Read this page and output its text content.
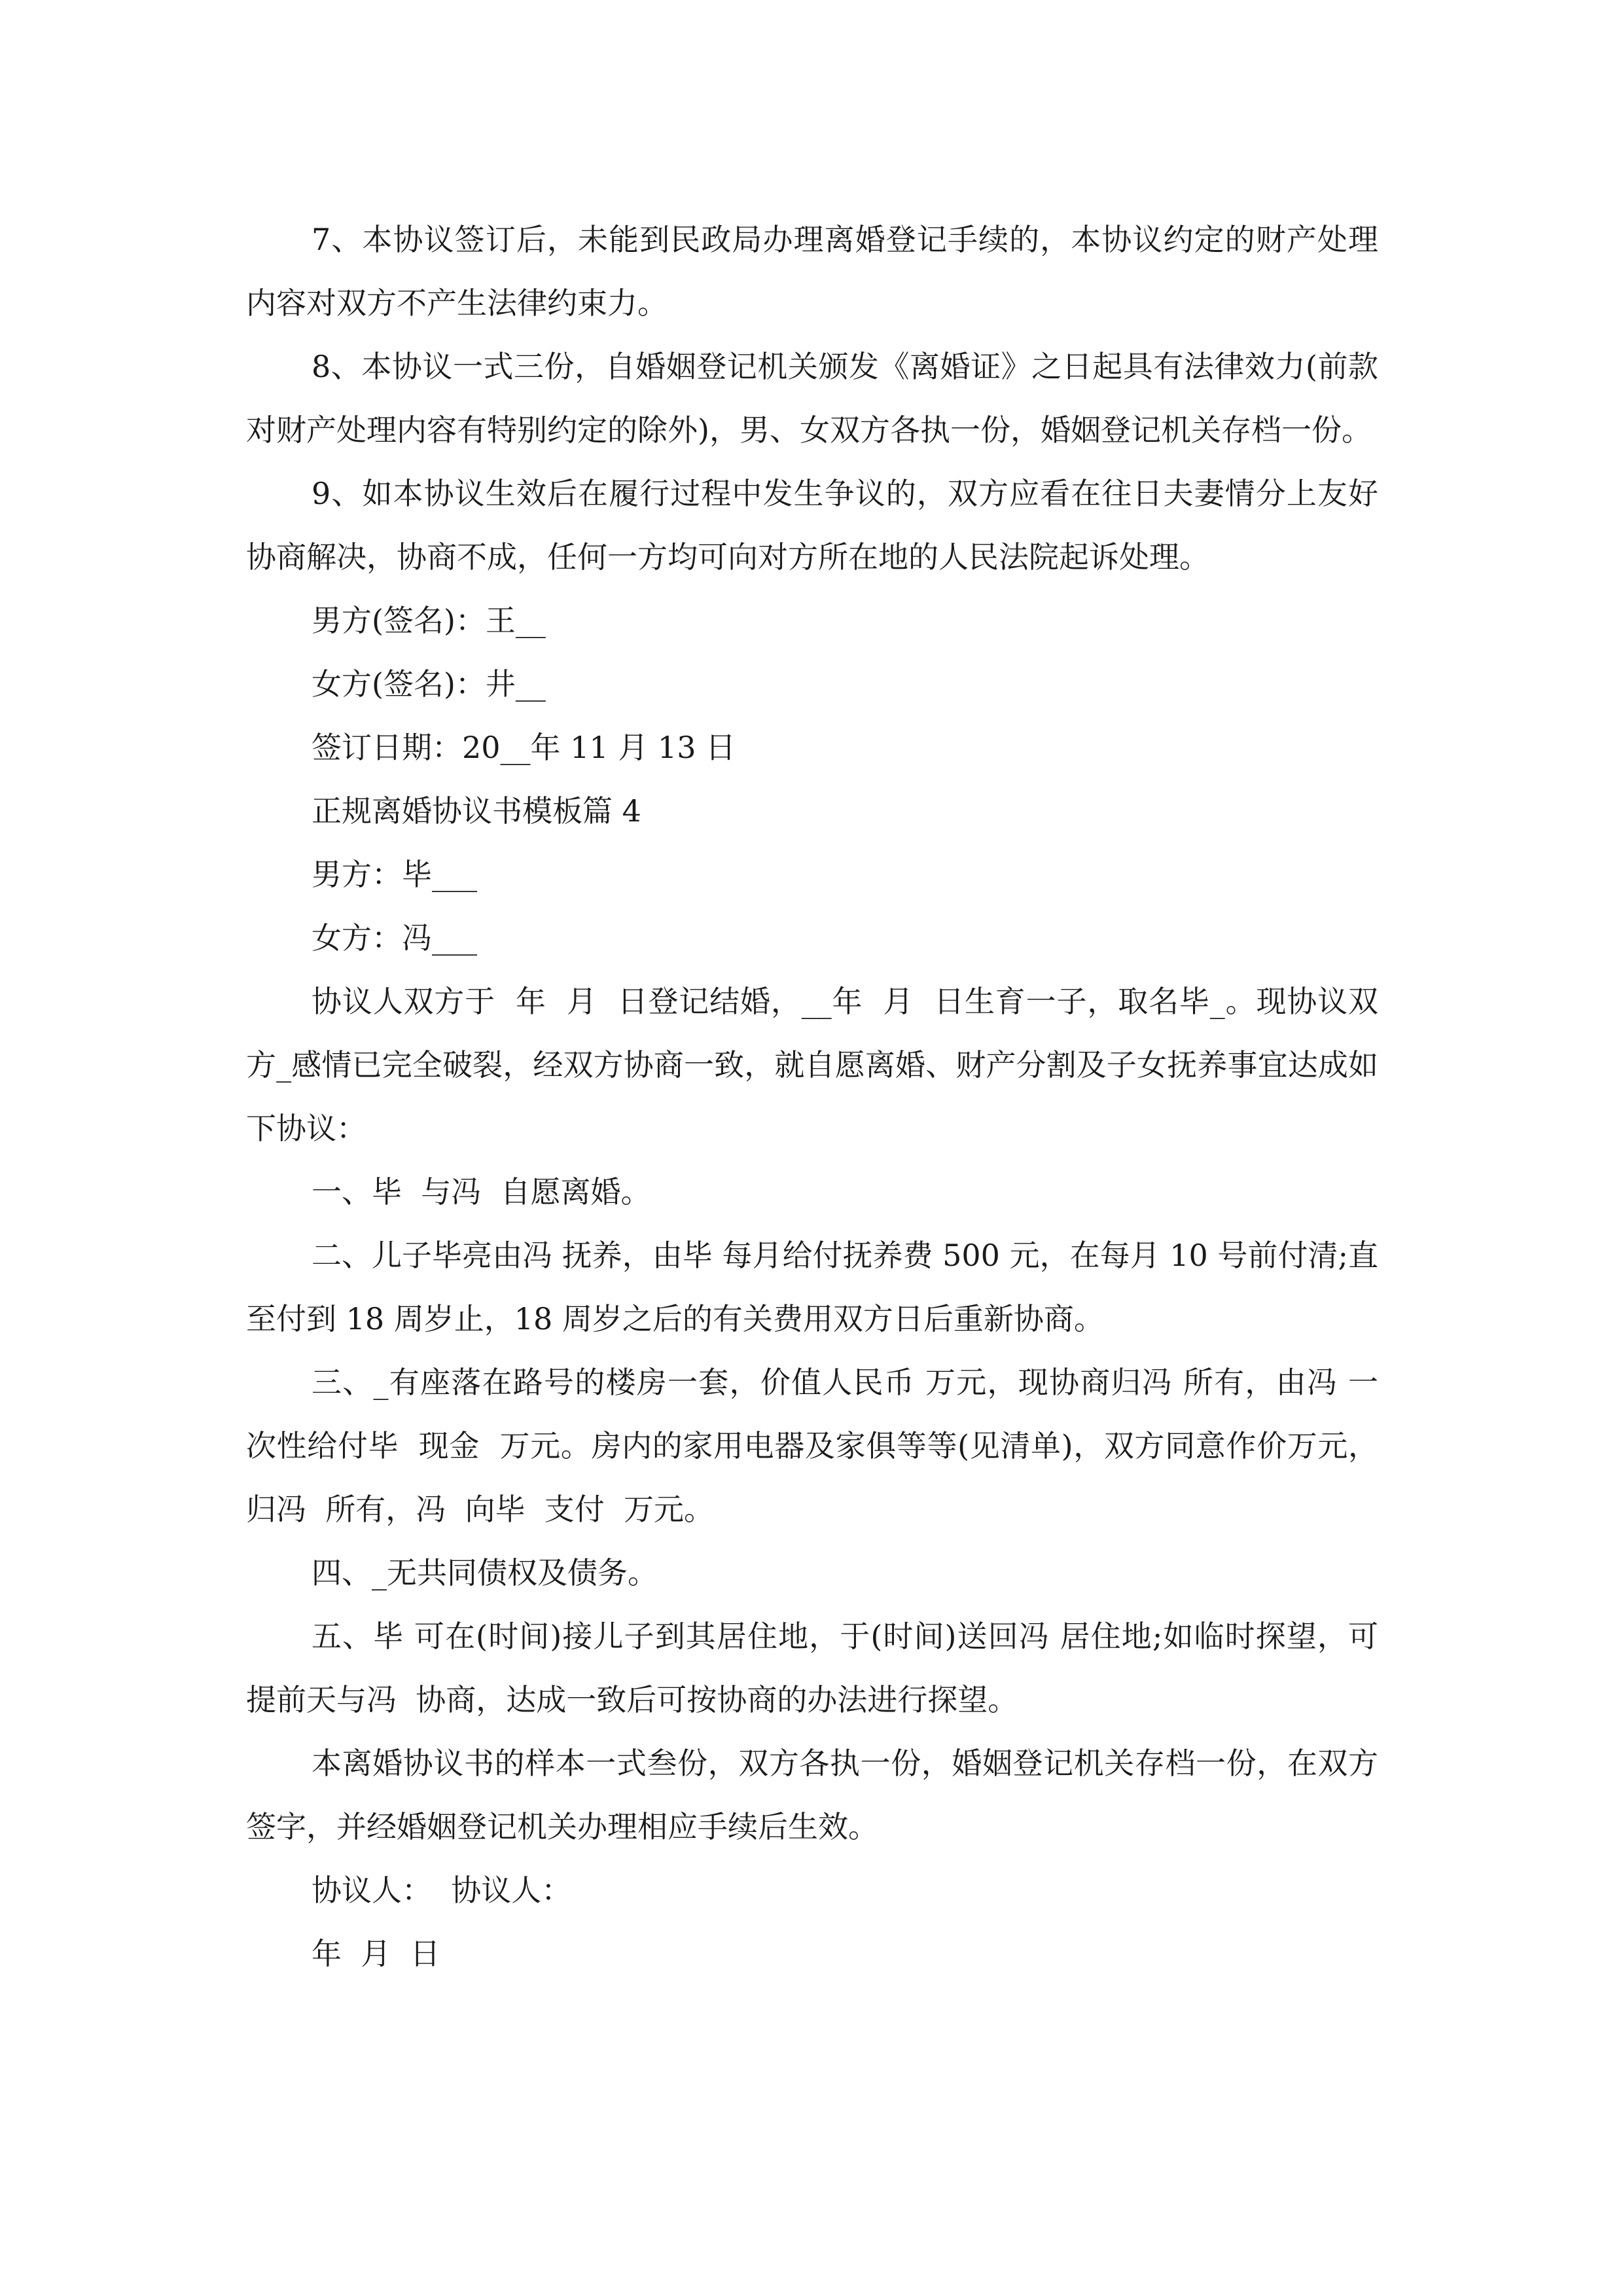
7、本协议签订后，未能到民政局办理离婚登记手续的，本协议约定的财产处理内容对双方不产生法律约束力。

8、本协议一式三份，自婚姻登记机关颁发《离婚证》之日起具有法律效力(前款对财产处理内容有特别约定的除外)，男、女双方各执一份，婚姻登记机关存档一份。

9、如本协议生效后在履行过程中发生争议的，双方应看在往日夫妻情分上友好协商解决，协商不成，任何一方均可向对方所在地的人民法院起诉处理。

男方(签名)：王__

女方(签名)：井__

签订日期：20__年 11 月 13 日

正规离婚协议书模板篇 4

男方：毕___

女方：冯___

协议人双方于  年  月  日登记结婚，__年  月  日生育一子，取名毕_。现协议双方_感情已完全破裂，经双方协商一致，就自愿离婚、财产分割及子女抚养事宜达成如下协议：

一、毕  与冯  自愿离婚。

二、儿子毕亮由冯 抚养，由毕 每月给付抚养费 500 元，在每月 10 号前付清;直至付到 18 周岁止，18 周岁之后的有关费用双方日后重新协商。

三、_有座落在路号的楼房一套，价值人民币 万元，现协商归冯 所有，由冯 一次性给付毕  现金  万元。房内的家用电器及家俱等等(见清单)，双方同意作价万元，归冯  所有，冯  向毕  支付  万元。

四、_无共同债权及债务。

五、毕 可在(时间)接儿子到其居住地，于(时间)送回冯 居住地;如临时探望，可提前天与冯  协商，达成一致后可按协商的办法进行探望。

本离婚协议书的样本一式叁份，双方各执一份，婚姻登记机关存档一份，在双方签字，并经婚姻登记机关办理相应手续后生效。

协议人：  协议人：

年  月  日
